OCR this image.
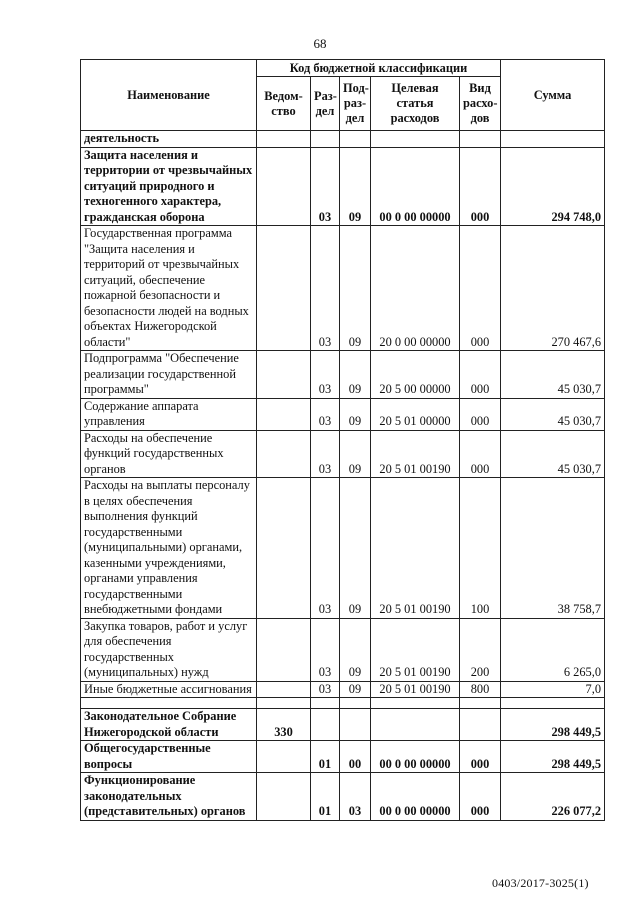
68
Наименование	Код бюджетной классификации					Сумма
	Ведом-ство	Раз-дел	Под-раз-дел	Целевая статья расходов	Вид расхо-дов	
деятельность						
Защита населения и территории от чрезвычайных ситуаций природного и техногенного характера, гражданская оборона		03	09	00 0 00 00000	000	294 748,0
Государственная программа "Защита населения и территорий от чрезвычайных ситуаций, обеспечение пожарной безопасности и безопасности людей на водных объектах Нижегородской области"		03	09	20 0 00 00000	000	270 467,6
Подпрограмма "Обеспечение реализации государственной программы"		03	09	20 5 00 00000	000	45 030,7
Содержание аппарата управления		03	09	20 5 01 00000	000	45 030,7
Расходы на обеспечение функций государственных органов		03	09	20 5 01 00190	000	45 030,7
Расходы на выплаты персоналу в целях обеспечения выполнения функций государственными (муниципальными) органами, казенными учреждениями, органами управления государственными внебюджетными фондами		03	09	20 5 01 00190	100	38 758,7
Закупка товаров, работ и услуг для обеспечения государственных (муниципальных) нужд		03	09	20 5 01 00190	200	6 265,0
Иные бюджетные ассигнования		03	09	20 5 01 00190	800	7,0

Законодательное Собрание Нижегородской области	330					298 449,5
Общегосударственные вопросы		01	00	00 0 00 00000	000	298 449,5
Функционирование законодательных (представительных) органов		01	03	00 0 00 00000	000	226 077,2
0403/2017-3025(1)
